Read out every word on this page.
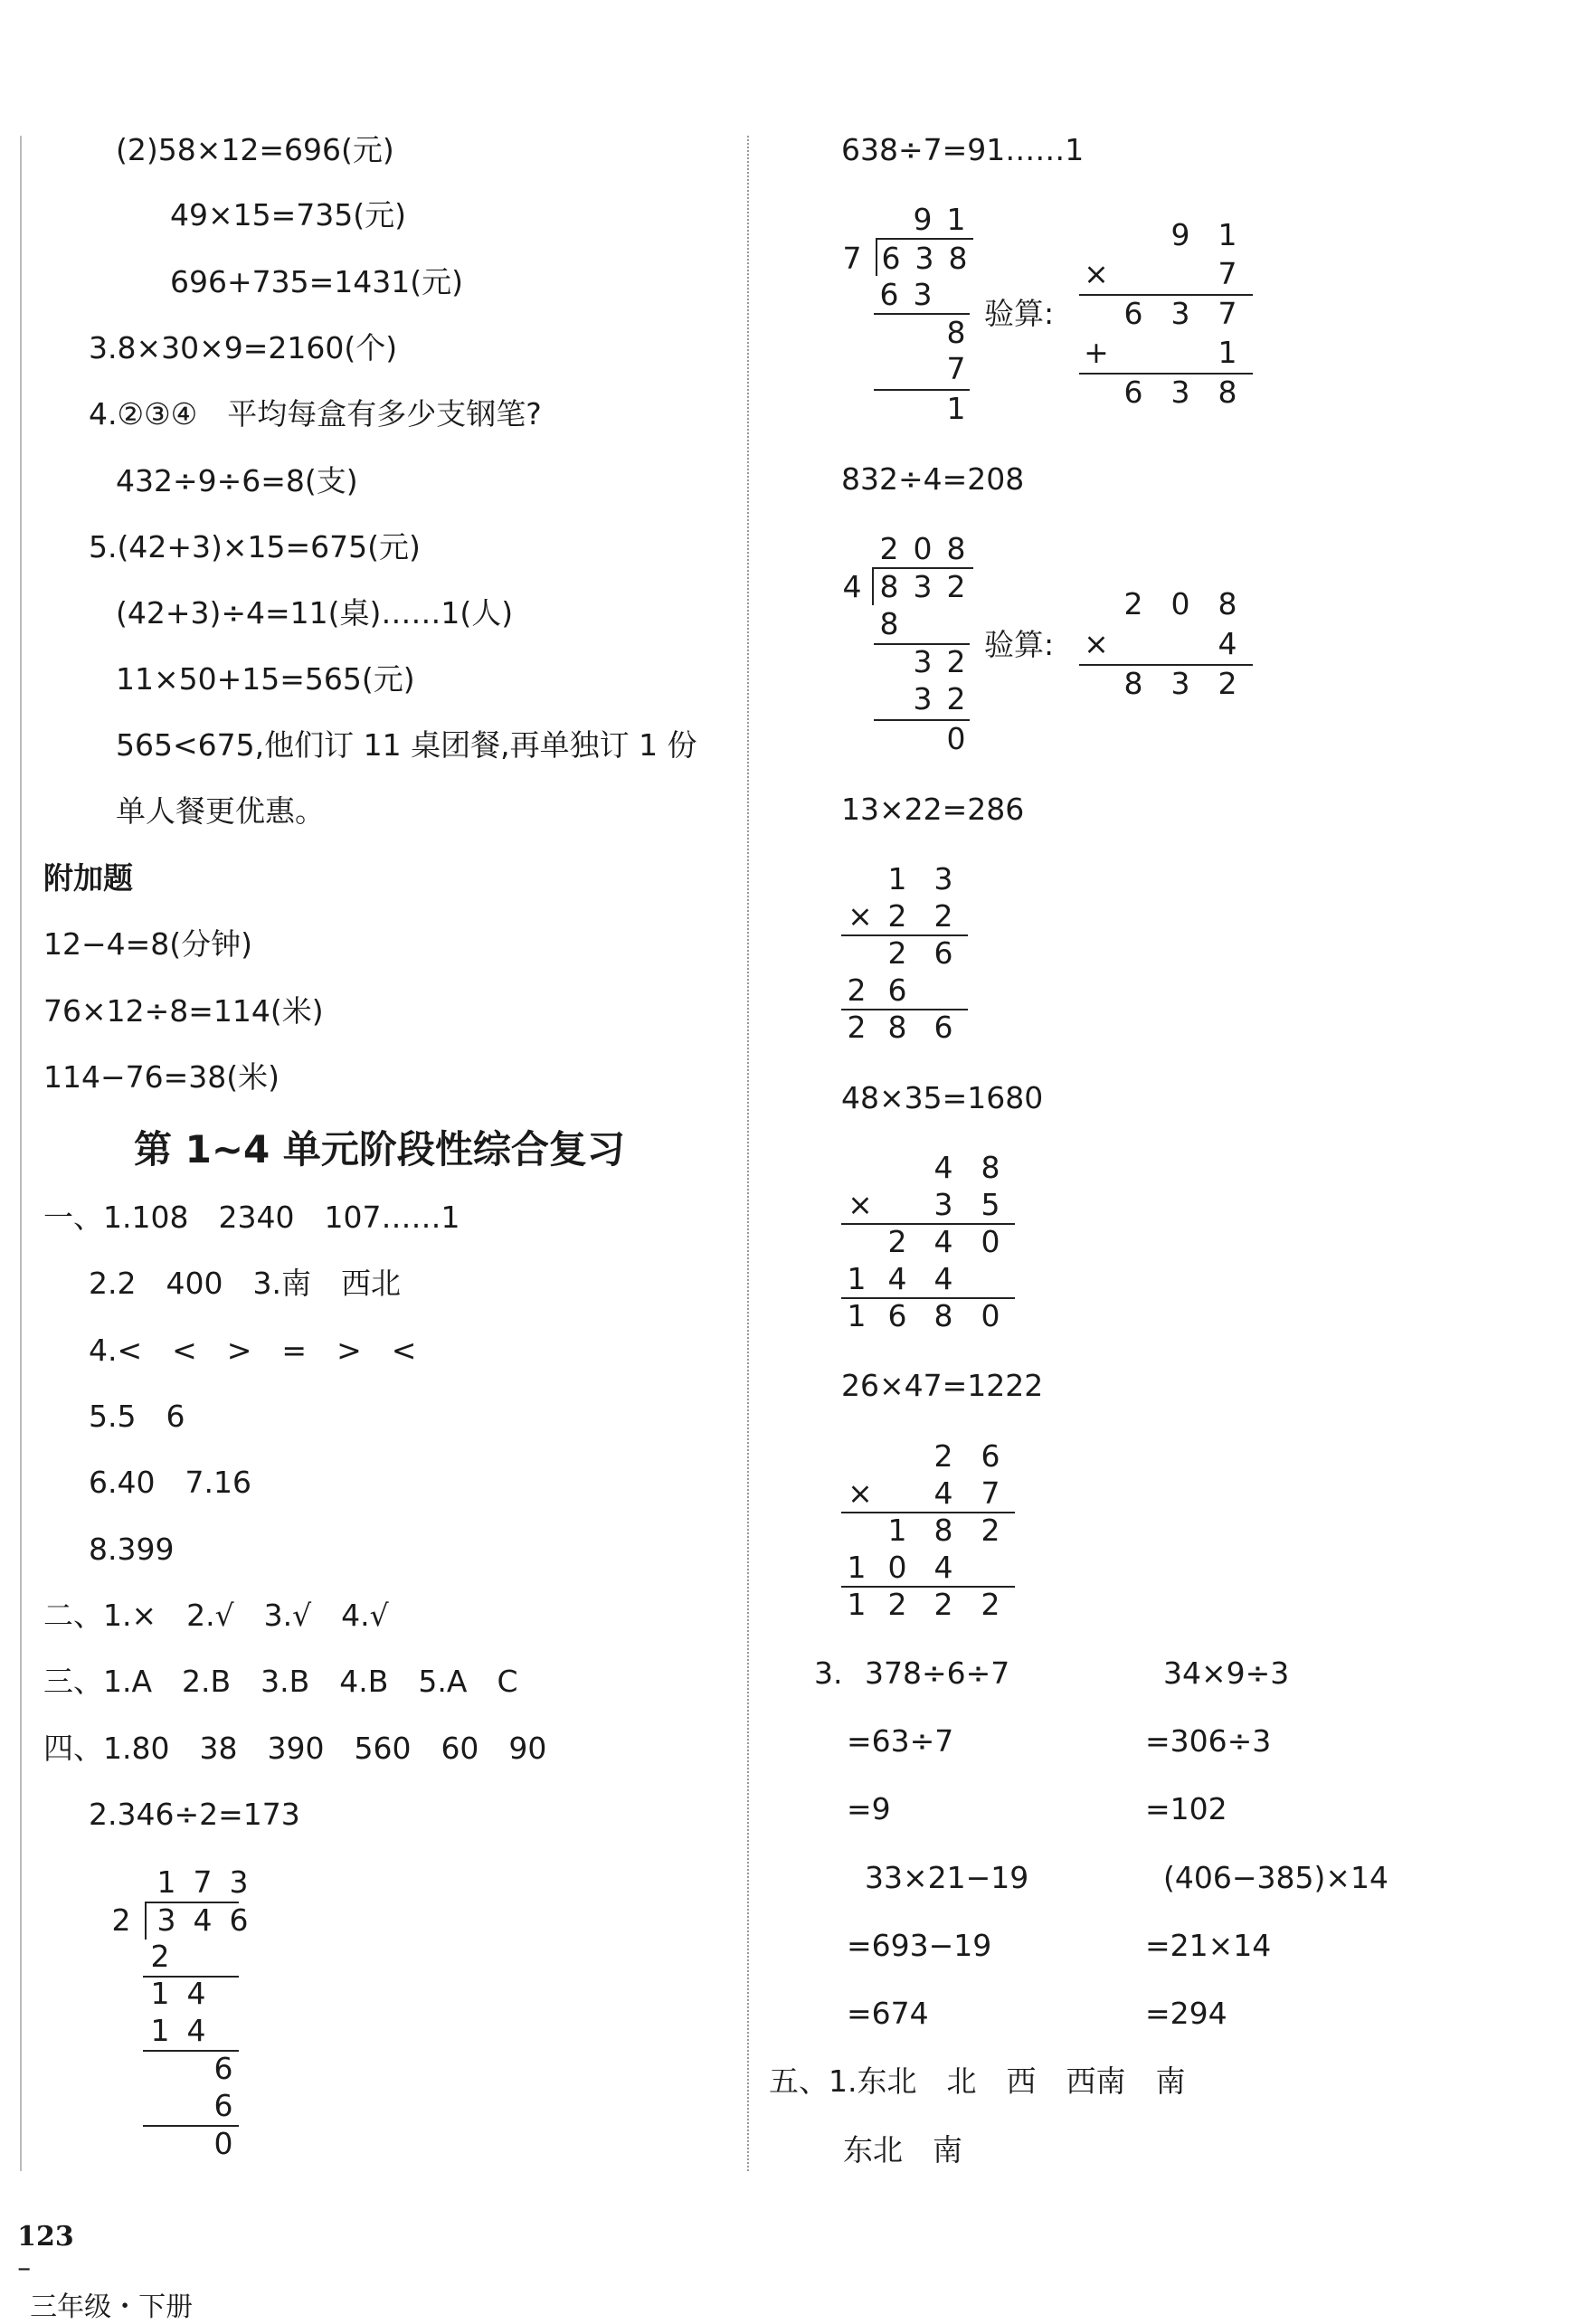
(2)58×12=696(元)
49×15=735(元)
696+735=1431(元)
3.8×30×9=2160(个)
4.②③④　平均每盒有多少支钢笔?
432÷9÷6=8(支)
5.(42+3)×15=675(元)
(42+3)÷4=11(桌)……1(人)
11×50+15=565(元)
565<675,他们订 11 桌团餐,再单独订 1 份
单人餐更优惠。
附加题
12−4=8(分钟)
76×12÷8=114(米)
114−76=38(米)
第 1~4 单元阶段性综合复习
一、1.108　2340　107……1
2.2　400　3.南　西北
4.<　<　>　=　>　<
5.5　6
6.40　7.16
8.399
二、1.×　2.√　3.√　4.√
三、1.A　2.B　3.B　4.B　5.A　C
四、1.80　38　390　560　60　90
2.346÷2=173
1 7 3
2 3 4 6
2
1 4
1 4
6
6
0
638÷7=91……1
9 1
7 6 3 8
6 3
8
7
1
验算:
9 1
×	7
6 3 7
+	1
6 3 8
832÷4=208
2 0 8
4 8 3 2
8
3 2
3 2
0
验算:
2 0 8
×	4
8 3 2
13×22=286
1 3
× 2 2
2 6
2 6
2 8 6
48×35=1680
4 8
× 3 5
2 4 0
1 4 4
1 6 8 0
26×47=1222
2 6
× 4 7
1 8 2
1 0 4
1 2 2 2
3. 378÷6÷7	34×9÷3
=63÷7	=306÷3
=9	=102
33×21−19	(406−385)×14
=693−19	=21×14
=674	=294
五、1.东北　北　西　西南　南
东北　南

123
–
三年级・下册
